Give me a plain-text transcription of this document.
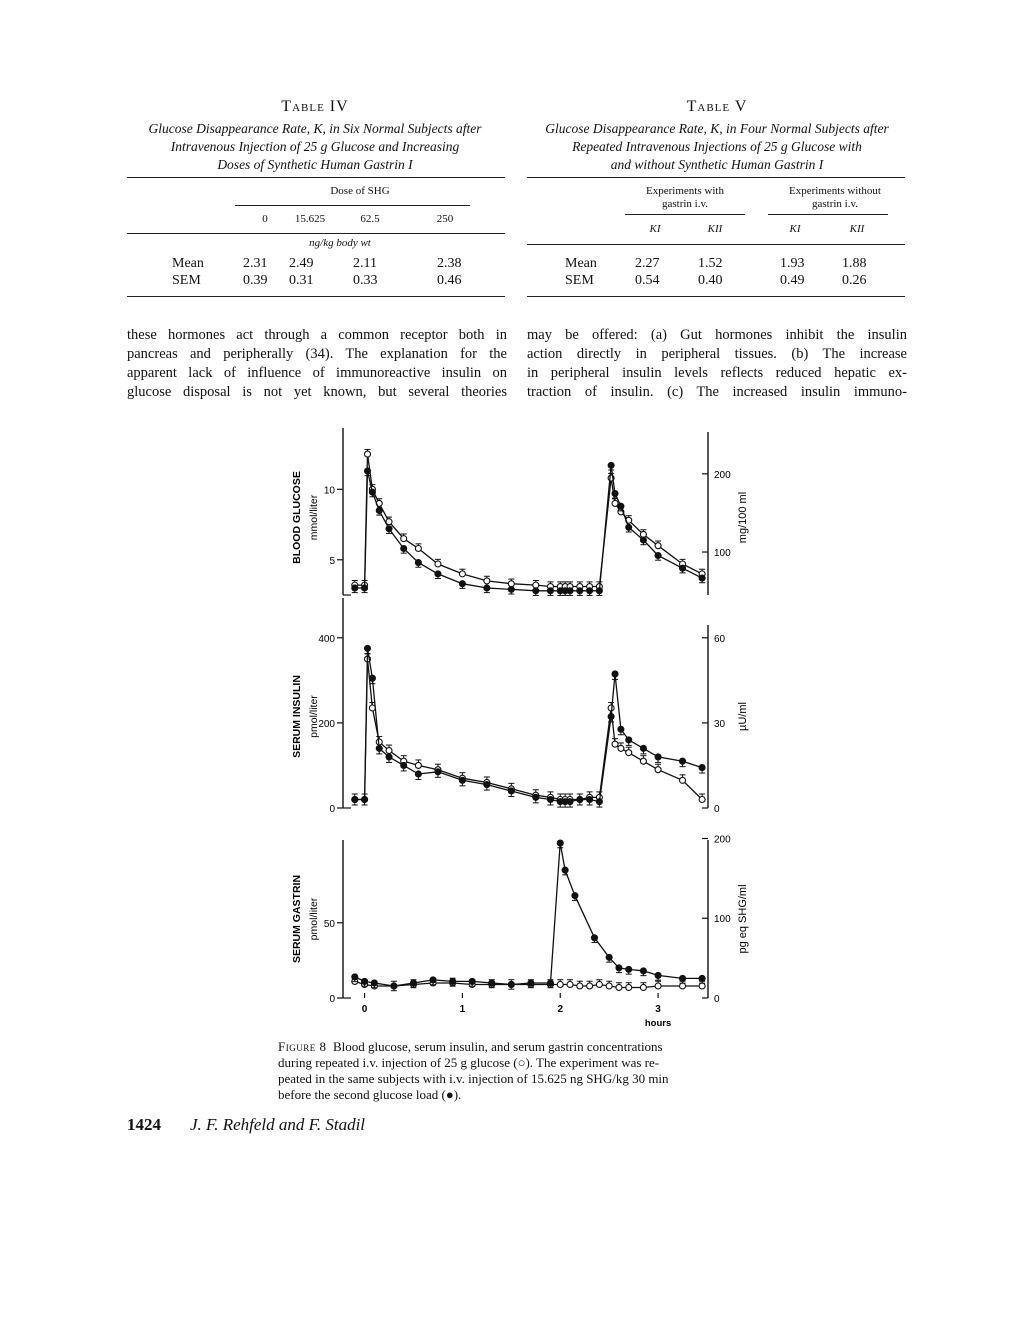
Table IV
Glucose Disappearance Rate, K, in Six Normal Subjects after
Intravenous Injection of 25 g Glucose and Increasing
Doses of Synthetic Human Gastrin I
Dose of SHG
0	15.625	62.5	250
ng/kg body wt
Mean	2.31 2.49	2.11	2.38
SEM	0.39 0.31	0.33	0.46
Table V
Glucose Disappearance Rate, K, in Four Normal Subjects after
Repeated Intravenous Injections of 25 g Glucose with
and without Synthetic Human Gastrin I
Experiments with
gastrin i.v.
Experiments without
gastrin i.v.
KI	KII	KI	KII
Mean	2.27	1.52	1.93	1.88
SEM	0.54	0.40	0.49	0.26
these hormones act through a common receptor both in
pancreas and peripherally (34). The explanation for the
apparent lack of influence of immunoreactive insulin on
glucose disposal is not yet known, but several theories
may be offered: (a) Gut hormones inhibit the insulin
action directly in peripheral tissues. (b) The increase
in peripheral insulin levels reflects reduced hepatic ex-
traction of insulin. (c) The increased insulin immuno-
5
10
100
200
BLOOD GLUCOSE mmol/liter	mg/100 ml
0
200
400
0
30
60
SERUM INSULIN pmol/liter	µU/ml
0
50
0
100
200
SERUM GASTRIN pmol/liter	pg eq SHG/ml
0	1	2	3
hours
Figure 8 Blood glucose, serum insulin, and serum gastrin concentrations
during repeated i.v. injection of 25 g glucose (○). The experiment was re-
peated in the same subjects with i.v. injection of 15.625 ng SHG/kg 30 min
before the second glucose load (●).
1424 J. F. Rehfeld and F. Stadil
